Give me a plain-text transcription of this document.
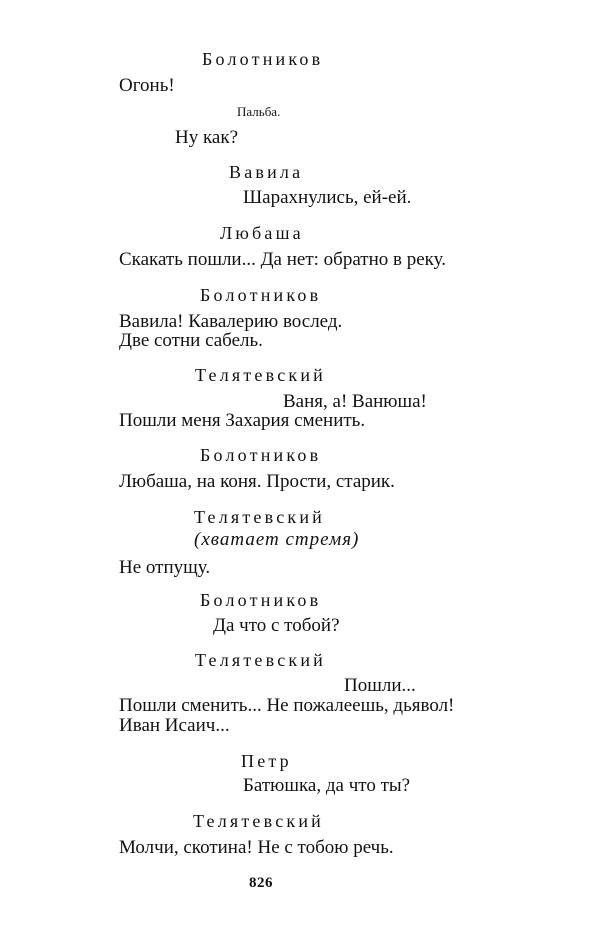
Болотников
Огонь!
Пальба.
Ну как?
Вавила
Шарахнулись, ей-ей.
Любаша
Скакать пошли... Да нет: обратно в реку.
Болотников
Вавила! Кавалерию вослед.
Две сотни сабель.
Телятевский
Ваня, а! Ванюша!
Пошли меня Захария сменить.
Болотников
Любаша, на коня. Прости, старик.
Телятевский
(хватает стремя)
Не отпущу.
Болотников
Да что с тобой?
Телятевский
Пошли...
Пошли сменить... Не пожалеешь, дьявол!
Иван Исаич...
Петр
Батюшка, да что ты?
Телятевский
Молчи, скотина! Не с тобою речь.
826
